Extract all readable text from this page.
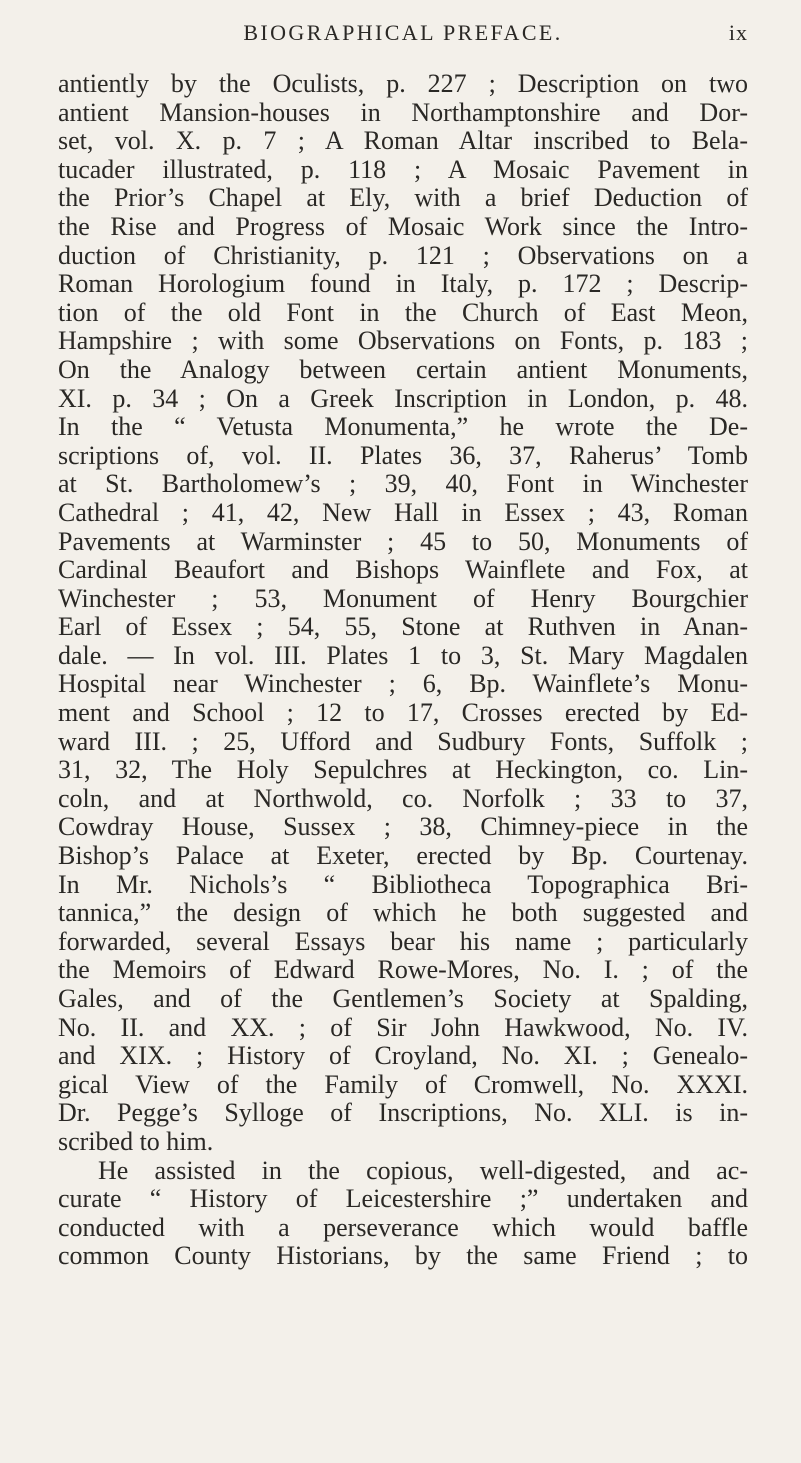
BIOGRAPHICAL PREFACE.	ix
antiently by the Oculists, p. 227 ; Description on two
antient Mansion-houses in Northamptonshire and Dor-
set, vol. X. p. 7 ; A Roman Altar inscribed to Bela-
tucader illustrated, p. 118 ; A Mosaic Pavement in
the Prior’s Chapel at Ely, with a brief Deduction of
the Rise and Progress of Mosaic Work since the Intro-
duction of Christianity, p. 121 ; Observations on a
Roman Horologium found in Italy, p. 172 ; Descrip-
tion of the old Font in the Church of East Meon,
Hampshire ; with some Observations on Fonts, p. 183 ;
On the Analogy between certain antient Monuments,
XI. p. 34 ; On a Greek Inscription in London, p. 48.
In the “ Vetusta Monumenta,” he wrote the De-
scriptions of, vol. II. Plates 36, 37, Raherus’ Tomb
at St. Bartholomew’s ; 39, 40, Font in Winchester
Cathedral ; 41, 42, New Hall in Essex ; 43, Roman
Pavements at Warminster ; 45 to 50, Monuments of
Cardinal Beaufort and Bishops Wainflete and Fox, at
Winchester ; 53, Monument of Henry Bourgchier
Earl of Essex ; 54, 55, Stone at Ruthven in Anan-
dale. — In vol. III. Plates 1 to 3, St. Mary Magdalen
Hospital near Winchester ; 6, Bp. Wainflete’s Monu-
ment and School ; 12 to 17, Crosses erected by Ed-
ward III. ; 25, Ufford and Sudbury Fonts, Suffolk ;
31, 32, The Holy Sepulchres at Heckington, co. Lin-
coln, and at Northwold, co. Norfolk ; 33 to 37,
Cowdray House, Sussex ; 38, Chimney-piece in the
Bishop’s Palace at Exeter, erected by Bp. Courtenay.
In Mr. Nichols’s “ Bibliotheca Topographica Bri-
tannica,” the design of which he both suggested and
forwarded, several Essays bear his name ; particularly
the Memoirs of Edward Rowe-Mores, No. I. ; of the
Gales, and of the Gentlemen’s Society at Spalding,
No. II. and XX. ; of Sir John Hawkwood, No. IV.
and XIX. ; History of Croyland, No. XI. ; Genealo-
gical View of the Family of Cromwell, No. XXXI.
Dr. Pegge’s Sylloge of Inscriptions, No. XLI. is in-
scribed to him.
He assisted in the copious, well-digested, and ac-
curate “ History of Leicestershire ;” undertaken and
conducted with a perseverance which would baffle
common County Historians, by the same Friend ; to
